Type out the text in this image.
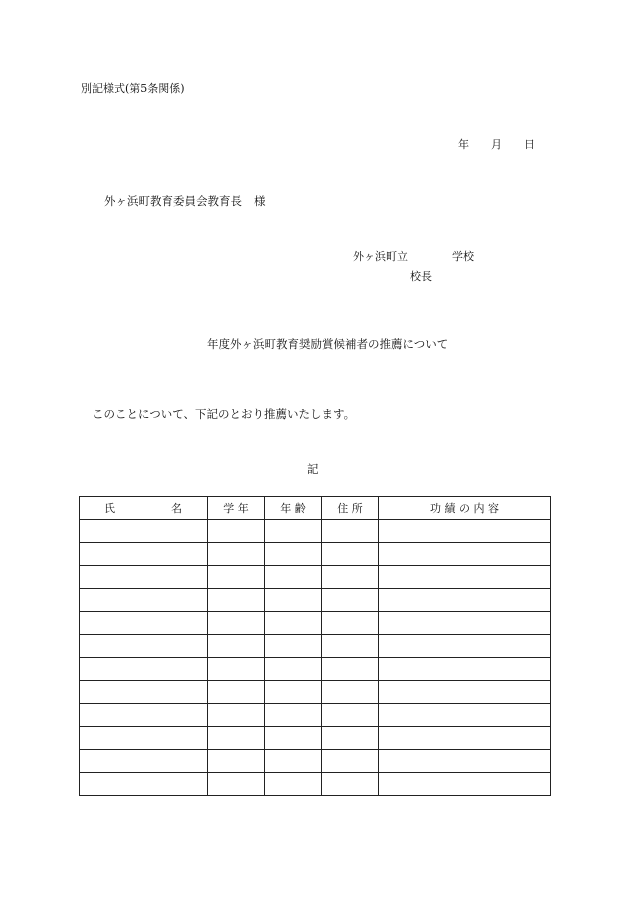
別記様式(第5条関係)
年 月 日
外ヶ浜町教育委員会教育長 様
外ヶ浜町立	学校
校長
年度外ヶ浜町教育奨励賞候補者の推薦について
このことについて、下記のとおり推薦いたします。
記
氏 名	学 年	年 齢	住 所	功 績 の 内 容
